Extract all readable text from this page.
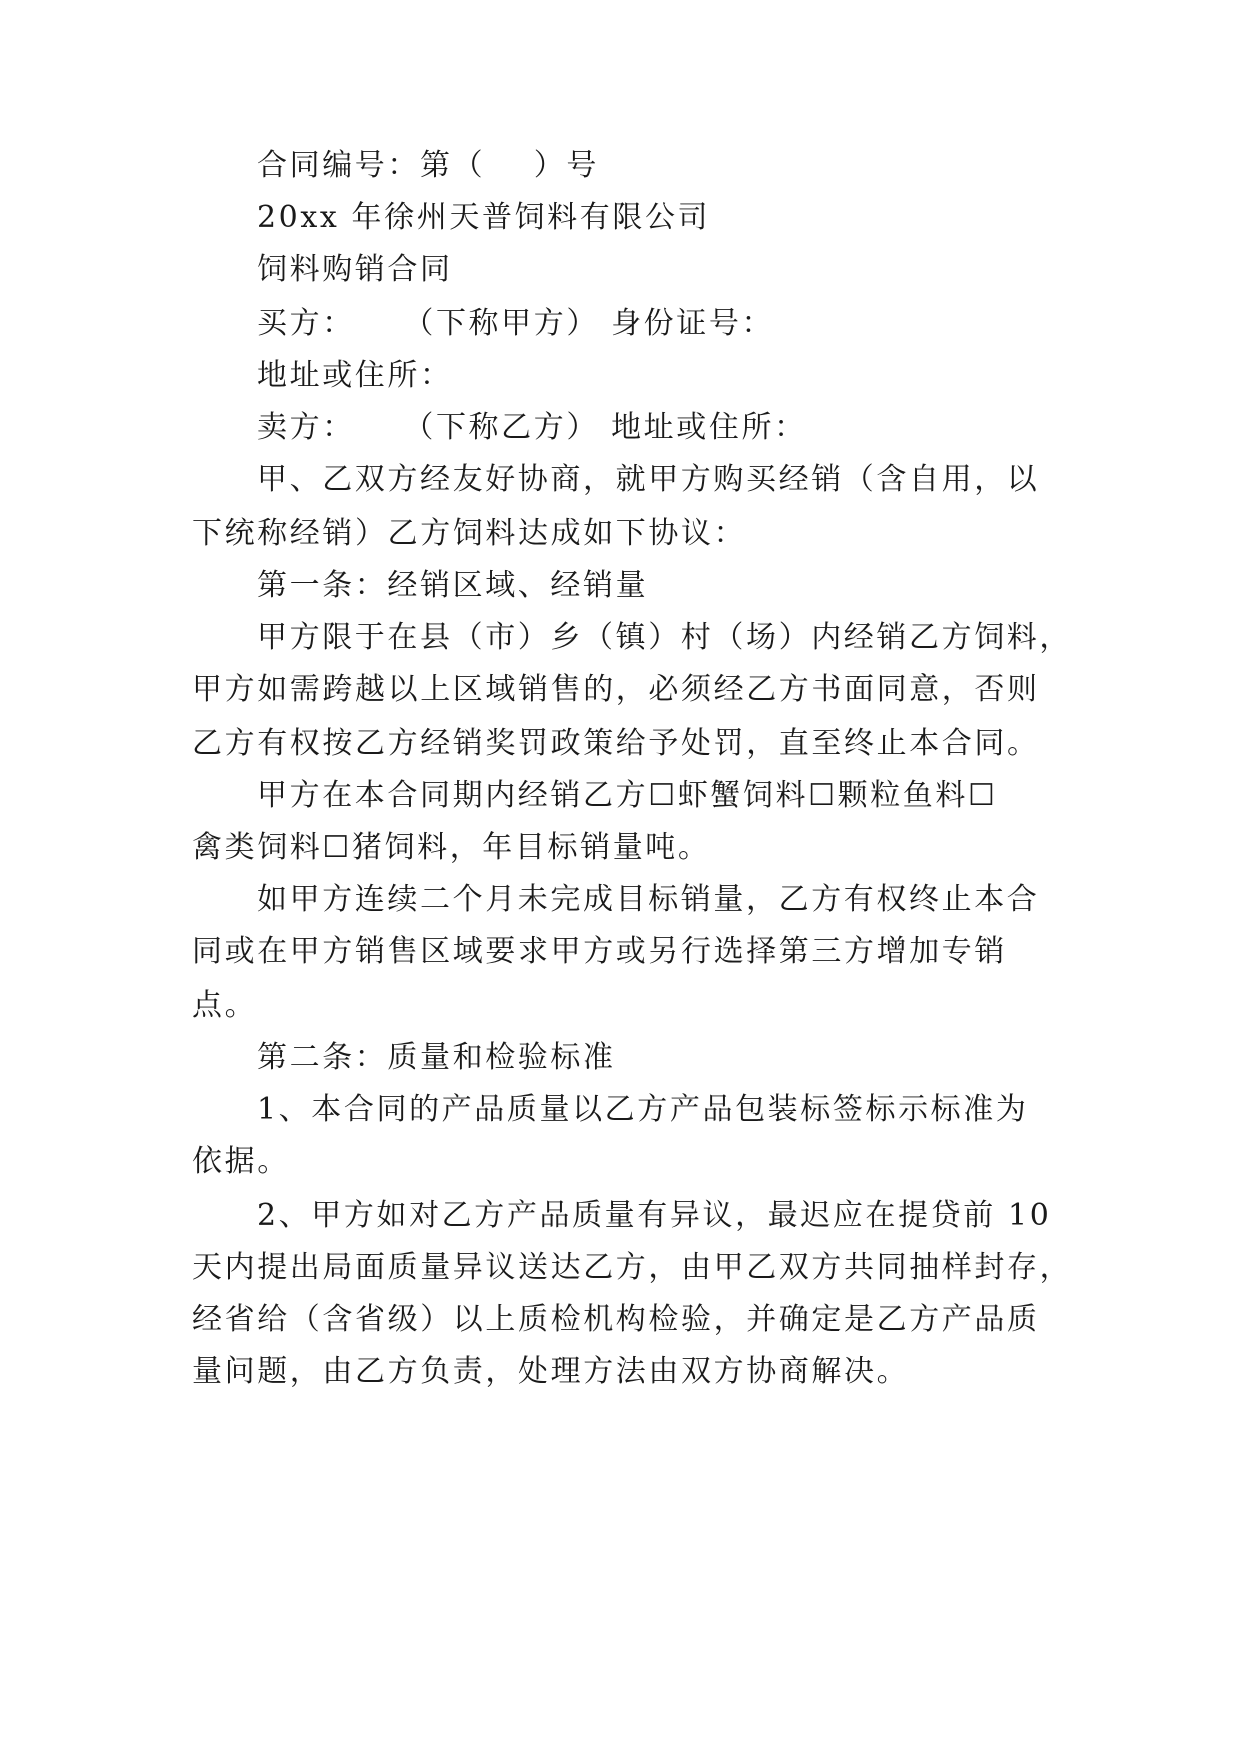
合同编号：第（    ）号
20xx 年徐州天普饲料有限公司
饲料购销合同
买方：    （下称甲方） 身份证号：
地址或住所：
卖方：    （下称乙方） 地址或住所：
甲、乙双方经友好协商，就甲方购买经销（含自用，以
下统称经销）乙方饲料达成如下协议：
第一条：经销区域、经销量
甲方限于在县（市）乡（镇）村（场）内经销乙方饲料，
甲方如需跨越以上区域销售的，必须经乙方书面同意，否则
乙方有权按乙方经销奖罚政策给予处罚，直至终止本合同。
甲方在本合同期内经销乙方☐虾蟹饲料☐颗粒鱼料☐
禽类饲料☐猪饲料，年目标销量吨。
如甲方连续二个月未完成目标销量，乙方有权终止本合
同或在甲方销售区域要求甲方或另行选择第三方增加专销
点。
第二条：质量和检验标准
1、本合同的产品质量以乙方产品包装标签标示标准为
依据。
2、甲方如对乙方产品质量有异议，最迟应在提贷前 10
天内提出局面质量异议送达乙方，由甲乙双方共同抽样封存，
经省给（含省级）以上质检机构检验，并确定是乙方产品质
量问题，由乙方负责，处理方法由双方协商解决。
